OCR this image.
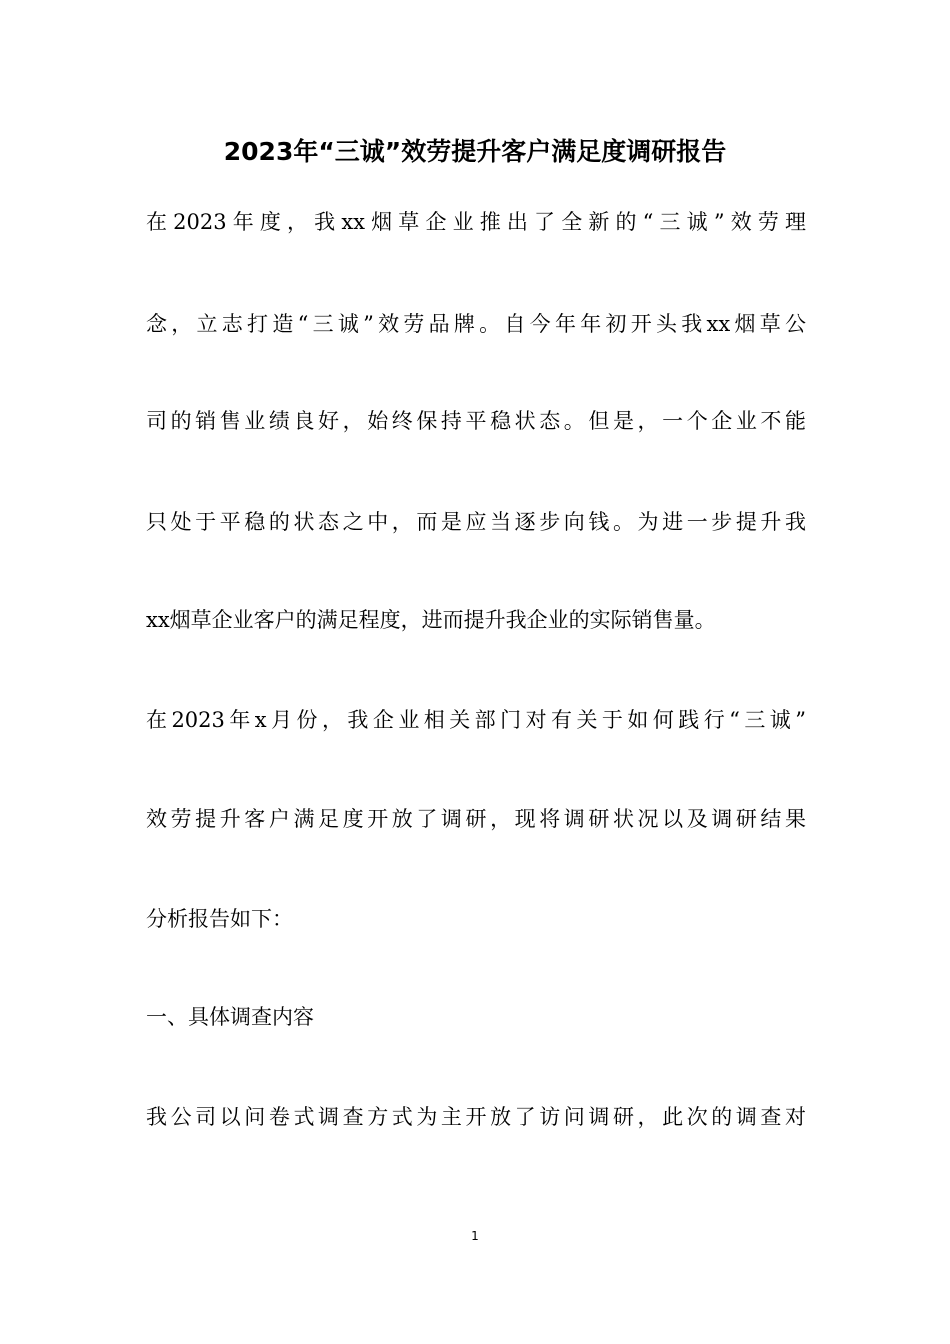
2023年“三诚”效劳提升客户满足度调研报告
在2023年度，我xx烟草企业推出了全新的“三诚”效劳理
念，立志打造“三诚”效劳品牌。自今年年初开头我xx烟草公
司的销售业绩良好，始终保持平稳状态。但是，一个企业不能
只处于平稳的状态之中，而是应当逐步向钱。为进一步提升我
xx烟草企业客户的满足程度，进而提升我企业的实际销售量。
在2023年x月份，我企业相关部门对有关于如何践行“三诚”
效劳提升客户满足度开放了调研，现将调研状况以及调研结果
分析报告如下：
一、具体调查内容
我公司以问卷式调查方式为主开放了访问调研，此次的调查对
1
